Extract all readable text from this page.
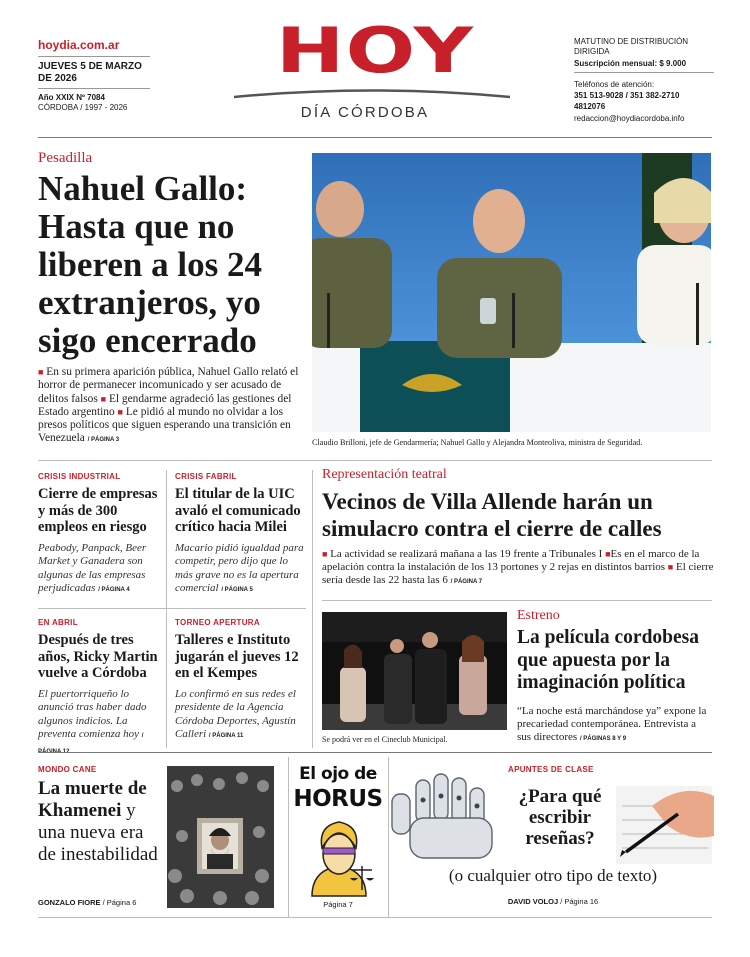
hoydia.com.ar
JUEVES 5 DE MARZO DE 2026
Año XXIX Nº 7084
CÓRDOBA / 1997 - 2026
HOY
DÍA CÓRDOBA
MATUTINO DE DISTRIBUCIÓN DIRIGIDA
Suscripción mensual: $ 9.000
Teléfonos de atención:
351 513-9028 / 351 382-2710
4812076
redaccion@hoydiacordoba.info
Pesadilla
Nahuel Gallo: Hasta que no liberen a los 24 extranjeros, yo sigo encerrado
■ En su primera aparición pública, Nahuel Gallo relató el horror de permanecer incomunicado y ser acusado de delitos falsos ■ El gendarme agradeció las gestiones del Estado argentino ■ Le pidió al mundo no olvidar a los presos políticos que siguen esperando una transición en Venezuela / PÁGINA 3	Claudio Brilloni, jefe de Gendarmería; Nahuel Gallo y Alejandra Monteoliva, ministra de Seguridad.
CRISIS INDUSTRIAL
Cierre de empresas y más de 300 empleos en riesgo
Peabody, Panpack, Beer Market y Ganadera son algunas de las empresas perjudicadas / PÁGINA 4
CRISIS FABRIL
El titular de la UIC avaló el comunicado crítico hacia Milei
Macario pidió igualdad para competir, pero dijo que lo más grave no es la apertura comercial / PÁGINA 5
EN ABRIL
Después de tres años, Ricky Martin vuelve a Córdoba
El puertorriqueño lo anunció tras haber dado algunos indicios. La preventa comienza hoy /
TORNEO APERTURA
Talleres e Instituto jugarán el jueves 12 en el Kempes
Lo confirmó en sus redes el presidente de la Agencia Córdoba Deportes, Agustín Calleri / PÁGINA 11
Representación teatral
Vecinos de Villa Allende harán un simulacro contra el cierre de calles
■ La actividad se realizará mañana a las 19 frente a Tribunales I ■Es en el marco de la apelación contra la instalación de los 13 portones y 2 rejas en distintos barrios ■ El cierre sería desde las 22 hasta las 6 / PÁGINA 7
Se podrá ver en el Cineclub Municipal.
Estreno
La película cordobesa que apuesta por la imaginación política
“La noche está marchándose ya” expone la precariedad contemporánea. Entrevista a sus directores / PÁGINAS 8 Y 9
MONDO CANE
La muerte de Khamenei y una nueva era de inestabilidad
GONZALO FIORE / Página 6
El ojo de
HORUS
Página 7
APUNTES DE CLASE
¿Para qué escribir reseñas?
(o cualquier otro tipo de texto)
DAVID VOLOJ / Página 16
